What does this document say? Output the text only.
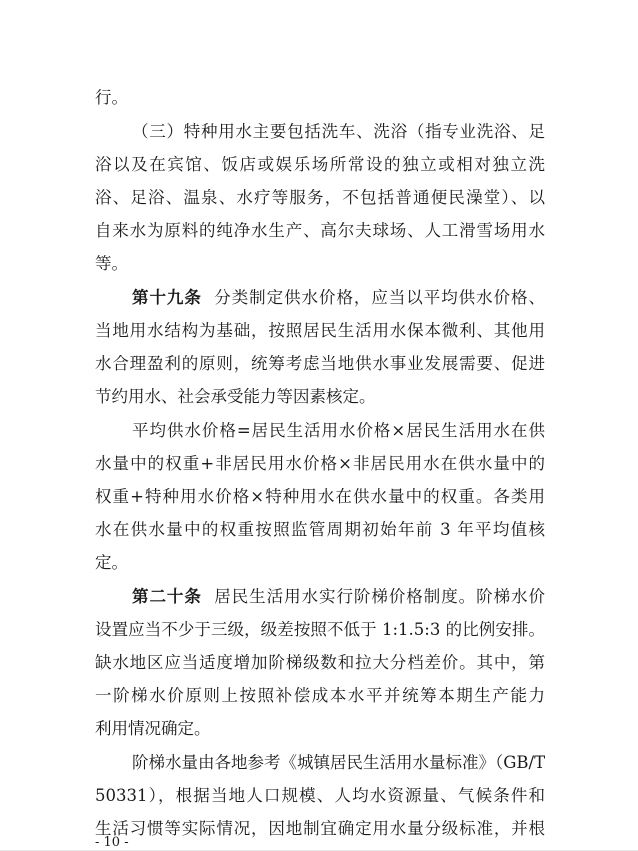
行。
（三）特种用水主要包括洗车、洗浴（指专业洗浴、足
浴以及在宾馆、饭店或娱乐场所常设的独立或相对独立洗
浴、足浴、温泉、水疗等服务，不包括普通便民澡堂）、以
自来水为原料的纯净水生产、高尔夫球场、人工滑雪场用水
等。
第十九条 分类制定供水价格，应当以平均供水价格、
当地用水结构为基础，按照居民生活用水保本微利、其他用
水合理盈利的原则，统筹考虑当地供水事业发展需要、促进
节约用水、社会承受能力等因素核定。
平均供水价格=居民生活用水价格×居民生活用水在供
水量中的权重+非居民用水价格×非居民用水在供水量中的
权重+特种用水价格×特种用水在供水量中的权重。各类用
水在供水量中的权重按照监管周期初始年前 3 年平均值核
定。
第二十条 居民生活用水实行阶梯价格制度。阶梯水价
设置应当不少于三级，级差按照不低于 1:1.5:3 的比例安排。
缺水地区应当适度增加阶梯级数和拉大分档差价。其中，第
一阶梯水价原则上按照补偿成本水平并统筹本期生产能力
利用情况确定。
阶梯水量由各地参考《城镇居民生活用水量标准》（GB/T
50331），根据当地人口规模、人均水资源量、气候条件和
生活习惯等实际情况，因地制宜确定用水量分级标准，并根
- 10 -
